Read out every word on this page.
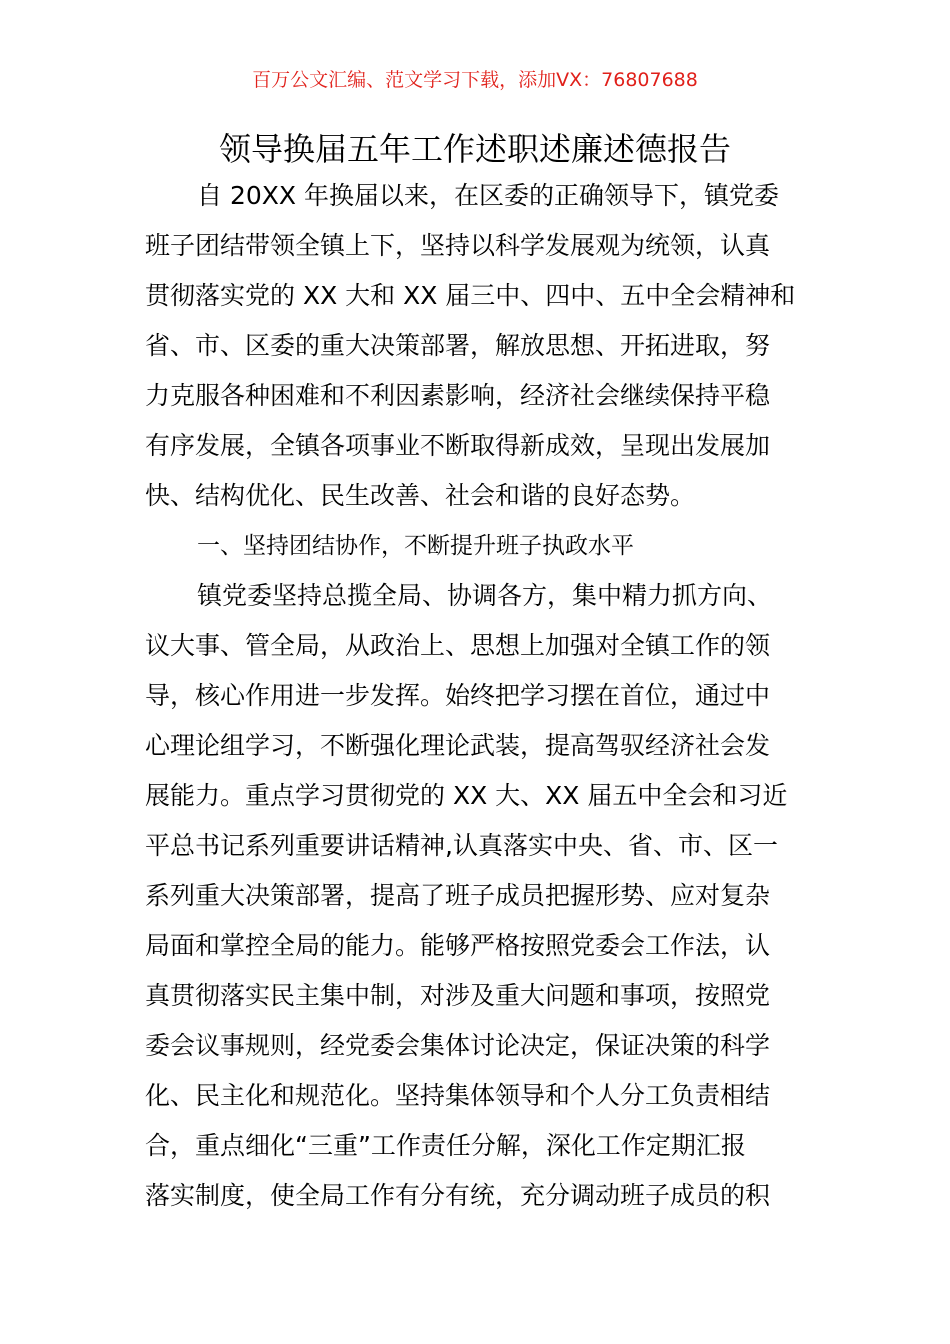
百万公文汇编、范文学习下载，添加VX：76807688
领导换届五年工作述职述廉述德报告
自 20XX 年换届以来，在区委的正确领导下，镇党委
班子团结带领全镇上下，坚持以科学发展观为统领，认真
贯彻落实党的 XX 大和 XX 届三中、四中、五中全会精神和
省、市、区委的重大决策部署，解放思想、开拓进取，努
力克服各种困难和不利因素影响，经济社会继续保持平稳
有序发展，全镇各项事业不断取得新成效，呈现出发展加
快、结构优化、民生改善、社会和谐的良好态势。
一、坚持团结协作，不断提升班子执政水平
镇党委坚持总揽全局、协调各方，集中精力抓方向、
议大事、管全局，从政治上、思想上加强对全镇工作的领
导，核心作用进一步发挥。始终把学习摆在首位，通过中
心理论组学习，不断强化理论武装，提高驾驭经济社会发
展能力。重点学习贯彻党的 XX 大、XX 届五中全会和习近
平总书记系列重要讲话精神,认真落实中央、省、市、区一
系列重大决策部署，提高了班子成员把握形势、应对复杂
局面和掌控全局的能力。能够严格按照党委会工作法，认
真贯彻落实民主集中制，对涉及重大问题和事项，按照党
委会议事规则，经党委会集体讨论决定，保证决策的科学
化、民主化和规范化。坚持集体领导和个人分工负责相结
合，重点细化“三重”工作责任分解，深化工作定期汇报
落实制度，使全局工作有分有统，充分调动班子成员的积
